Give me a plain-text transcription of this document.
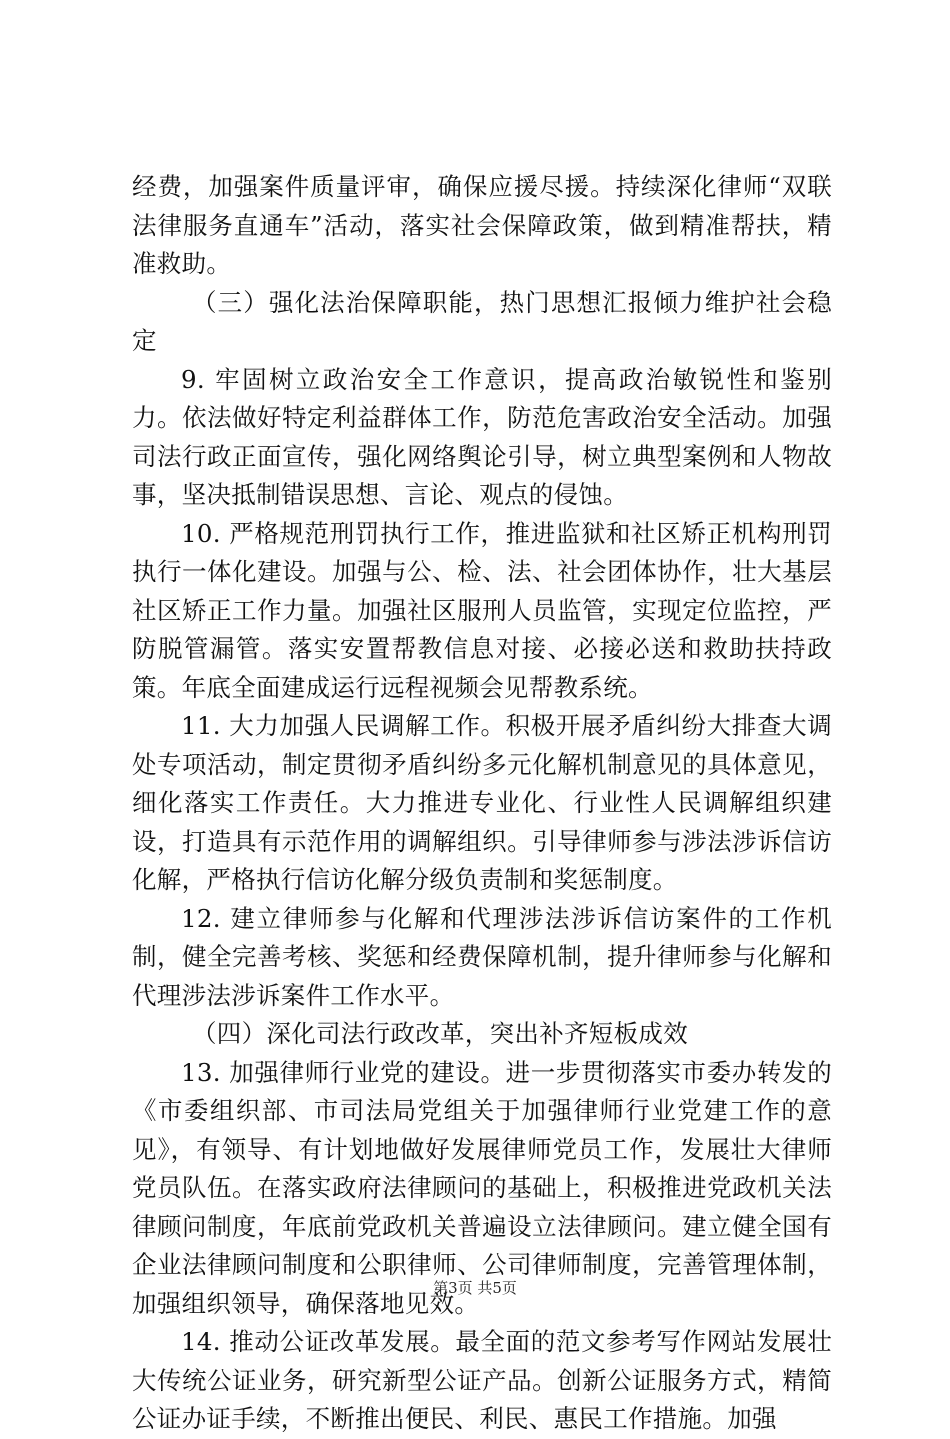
经费，加强案件质量评审，确保应援尽援。持续深化律师“双联法律服务直通车”活动，落实社会保障政策，做到精准帮扶，精准救助。

（三）强化法治保障职能，热门思想汇报倾力维护社会稳定

9. 牢固树立政治安全工作意识，提高政治敏锐性和鉴别力。依法做好特定利益群体工作，防范危害政治安全活动。加强司法行政正面宣传，强化网络舆论引导，树立典型案例和人物故事，坚决抵制错误思想、言论、观点的侵蚀。

10. 严格规范刑罚执行工作，推进监狱和社区矫正机构刑罚执行一体化建设。加强与公、检、法、社会团体协作，壮大基层社区矫正工作力量。加强社区服刑人员监管，实现定位监控，严防脱管漏管。落实安置帮教信息对接、必接必送和救助扶持政策。年底全面建成运行远程视频会见帮教系统。

11. 大力加强人民调解工作。积极开展矛盾纠纷大排查大调处专项活动，制定贯彻矛盾纠纷多元化解机制意见的具体意见，细化落实工作责任。大力推进专业化、行业性人民调解组织建设，打造具有示范作用的调解组织。引导律师参与涉法涉诉信访化解，严格执行信访化解分级负责制和奖惩制度。

12. 建立律师参与化解和代理涉法涉诉信访案件的工作机制，健全完善考核、奖惩和经费保障机制，提升律师参与化解和代理涉法涉诉案件工作水平。

（四）深化司法行政改革，突出补齐短板成效

13. 加强律师行业党的建设。进一步贯彻落实市委办转发的《市委组织部、市司法局党组关于加强律师行业党建工作的意见》，有领导、有计划地做好发展律师党员工作，发展壮大律师党员队伍。在落实政府法律顾问的基础上，积极推进党政机关法律顾问制度，年底前党政机关普遍设立法律顾问。建立健全国有企业法律顾问制度和公职律师、公司律师制度，完善管理体制，加强组织领导，确保落地见效。

14. 推动公证改革发展。最全面的范文参考写作网站发展壮大传统公证业务，研究新型公证产品。创新公证服务方式，精简公证办证手续，不断推出便民、利民、惠民工作措施。加强

第3页 共5页
